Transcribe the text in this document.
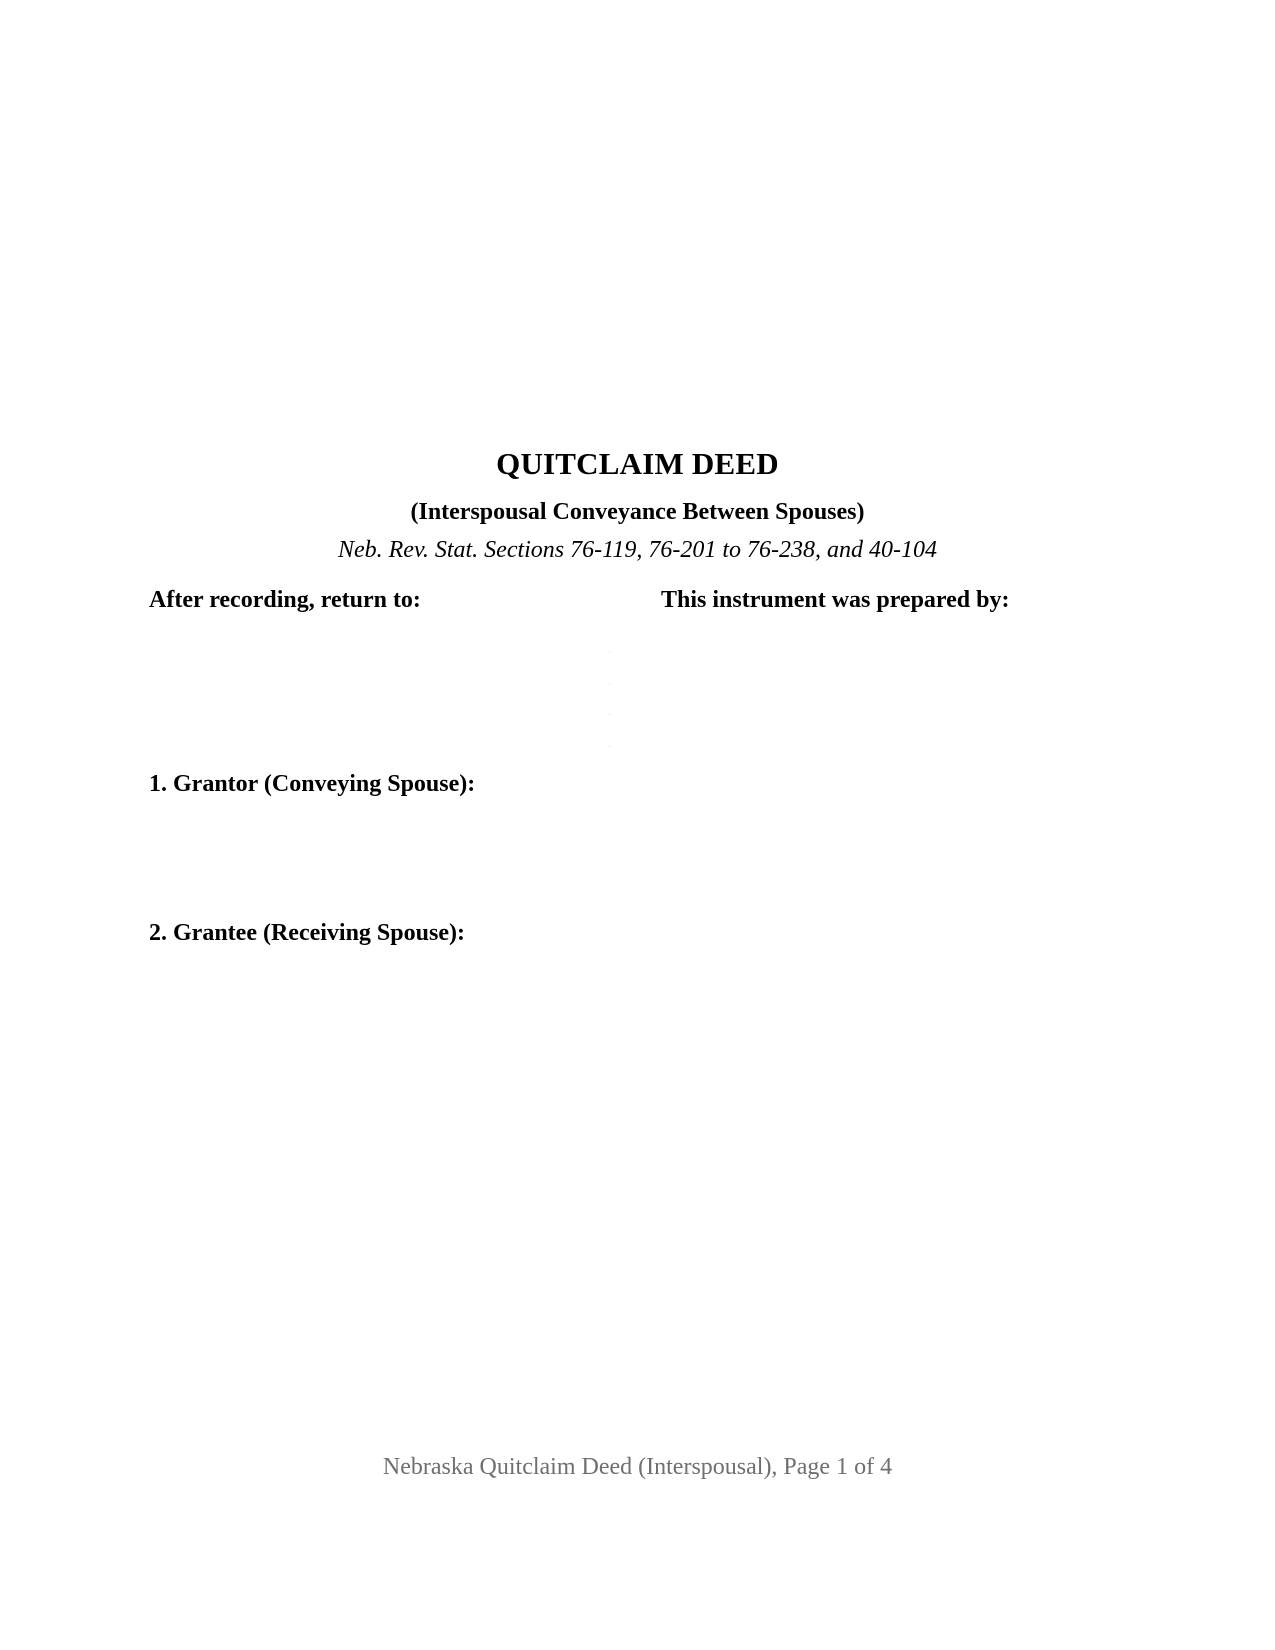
QUITCLAIM DEED
(Interspousal Conveyance Between Spouses)
Neb. Rev. Stat. Sections 76-119, 76-201 to 76-238, and 40-104
After recording, return to:	This instrument was prepared by:
1. Grantor (Conveying Spouse):
2. Grantee (Receiving Spouse):
Nebraska Quitclaim Deed (Interspousal), Page 1 of 4
